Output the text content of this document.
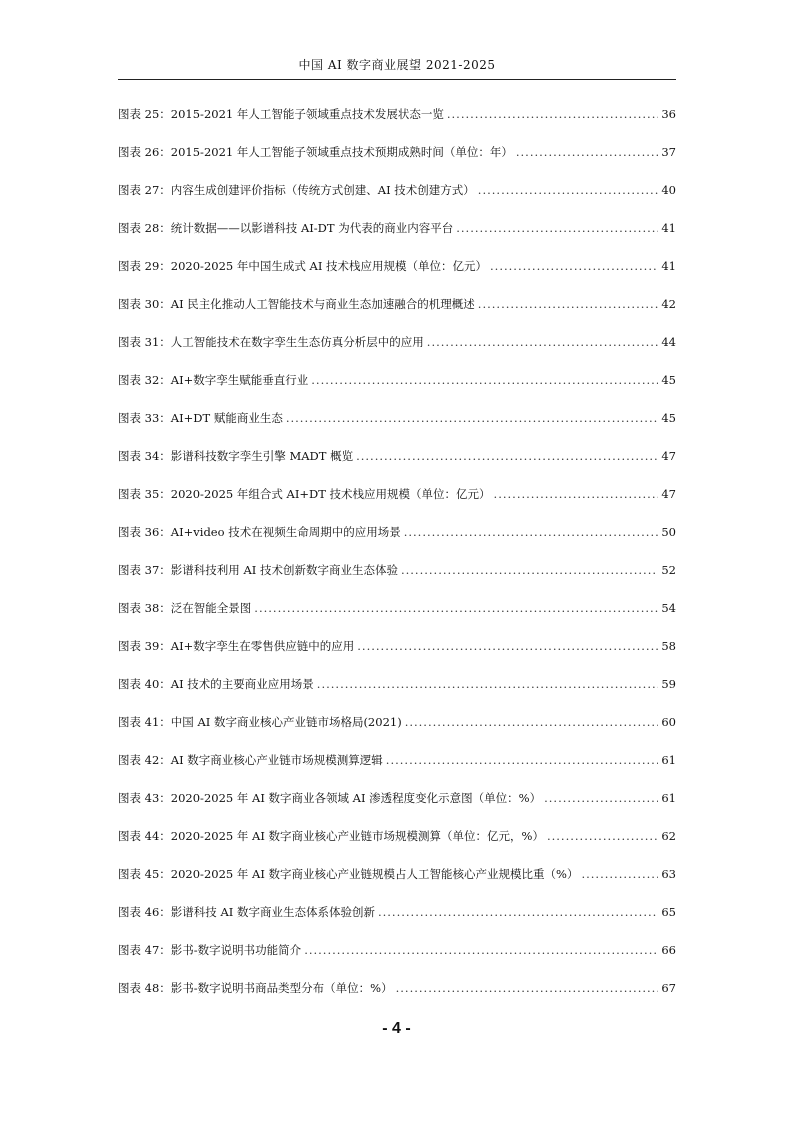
中国 AI 数字商业展望 2021-2025
图表 25：2015-2021 年人工智能子领域重点技术发展状态一览 .....	36
图表 26：2015-2021 年人工智能子领域重点技术预期成熟时间（单位：年） .....	37
图表 27：内容生成创建评价指标（传统方式创建、AI 技术创建方式） .....	40
图表 28：统计数据——以影谱科技 AI-DT 为代表的商业内容平台 .....	41
图表 29：2020-2025 年中国生成式 AI 技术栈应用规模（单位：亿元） .....	41
图表 30：AI 民主化推动人工智能技术与商业生态加速融合的机理概述 .....	42
图表 31：人工智能技术在数字孪生生态仿真分析层中的应用 .....	44
图表 32：AI+数字孪生赋能垂直行业 .....	45
图表 33：AI+DT 赋能商业生态 .....	45
图表 34：影谱科技数字孪生引擎 MADT 概览 .....	47
图表 35：2020-2025 年组合式 AI+DT 技术栈应用规模（单位：亿元） .....	47
图表 36：AI+video 技术在视频生命周期中的应用场景 .....	50
图表 37：影谱科技利用 AI 技术创新数字商业生态体验 .....	52
图表 38：泛在智能全景图 .....	54
图表 39：AI+数字孪生在零售供应链中的应用 .....	58
图表 40：AI 技术的主要商业应用场景 .....	59
图表 41：中国 AI 数字商业核心产业链市场格局(2021) .....	60
图表 42：AI 数字商业核心产业链市场规模测算逻辑 .....	61
图表 43：2020-2025 年 AI 数字商业各领域 AI 渗透程度变化示意图（单位：%） .....	61
图表 44：2020-2025 年 AI 数字商业核心产业链市场规模测算（单位：亿元，%） .....	62
图表 45：2020-2025 年 AI 数字商业核心产业链规模占人工智能核心产业规模比重（%） .....	63
图表 46：影谱科技 AI 数字商业生态体系体验创新 .....	65
图表 47：影书-数字说明书功能简介 .....	66
图表 48：影书-数字说明书商品类型分布（单位：%） .....	67
- 4 -
